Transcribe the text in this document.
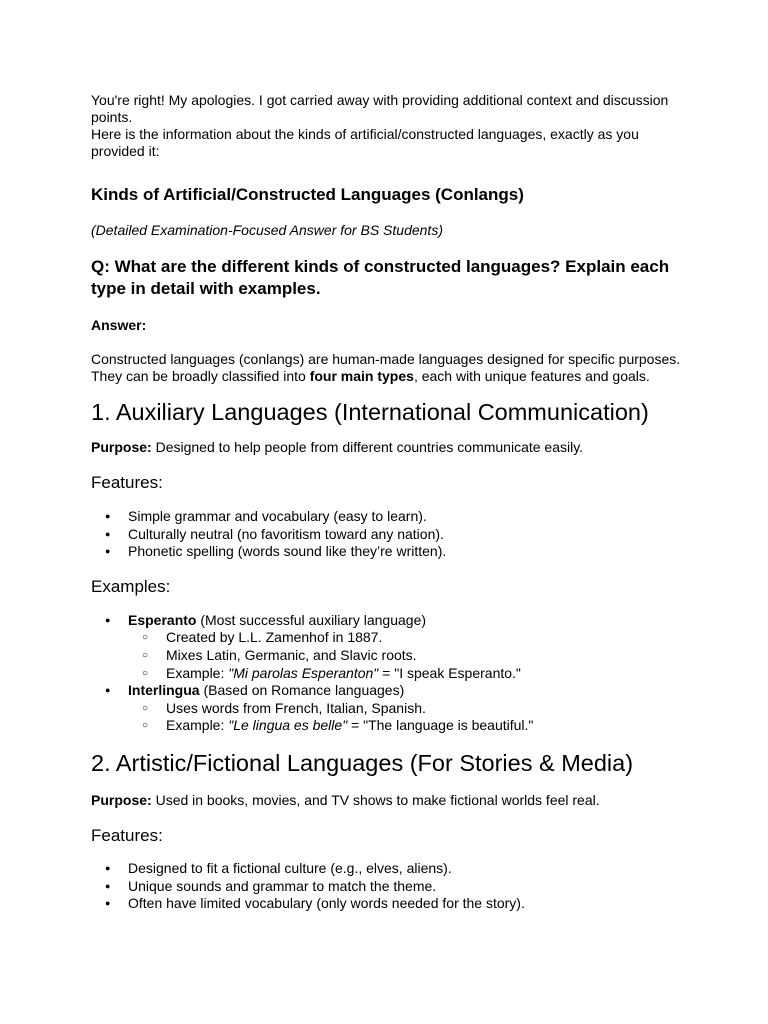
You're right! My apologies. I got carried away with providing additional context and discussion points.

Here is the information about the kinds of artificial/constructed languages, exactly as you provided it:

Kinds of Artificial/Constructed Languages (Conlangs)

(Detailed Examination-Focused Answer for BS Students)

Q: What are the different kinds of constructed languages? Explain each type in detail with examples.

Answer:

Constructed languages (conlangs) are human-made languages designed for specific purposes. They can be broadly classified into four main types, each with unique features and goals.

1. Auxiliary Languages (International Communication)

Purpose: Designed to help people from different countries communicate easily.

Features:
● Simple grammar and vocabulary (easy to learn).
● Culturally neutral (no favoritism toward any nation).
● Phonetic spelling (words sound like they’re written).
Examples:
● Esperanto (Most successful auxiliary language)
○ Created by L.L. Zamenhof in 1887.
○ Mixes Latin, Germanic, and Slavic roots.
○ Example: "Mi parolas Esperanton" = "I speak Esperanto."
● Interlingua (Based on Romance languages)
○ Uses words from French, Italian, Spanish.
○ Example: "Le lingua es belle" = "The language is beautiful."
2. Artistic/Fictional Languages (For Stories & Media)

Purpose: Used in books, movies, and TV shows to make fictional worlds feel real.

Features:
● Designed to fit a fictional culture (e.g., elves, aliens).
● Unique sounds and grammar to match the theme.
● Often have limited vocabulary (only words needed for the story).
